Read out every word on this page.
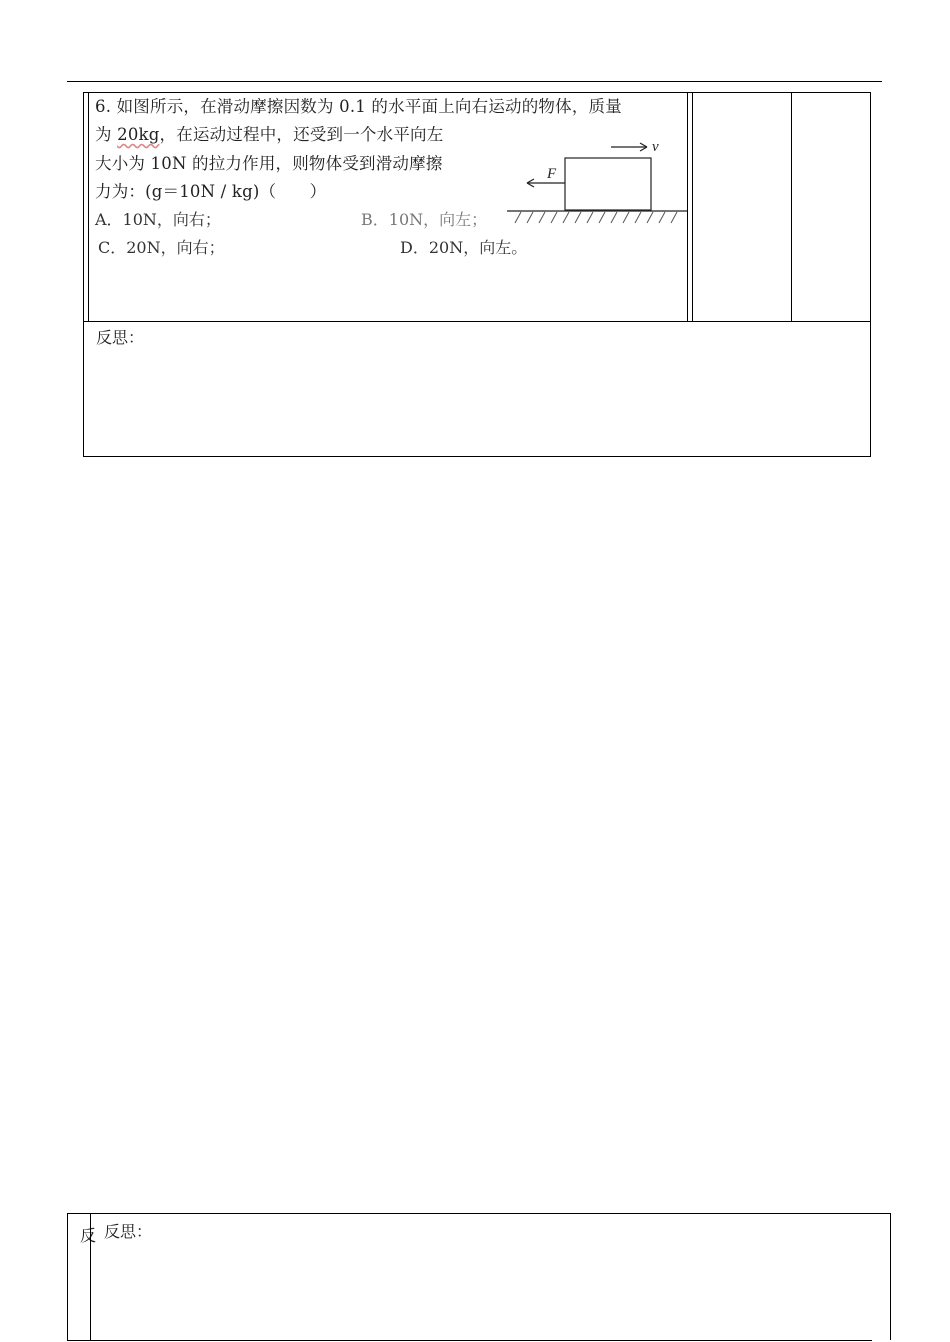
6. 如图所示，在滑动摩擦因数为 0.1 的水平面上向右运动的物体，质量
为 20kg，在运动过程中，还受到一个水平向左
大小为 10N 的拉力作用，则物体受到滑动摩擦
力为：(g＝10N / kg)（　　）
A．10N，向右；	B．10N，向左；
C．20N，向右；	D．20N，向左。
F
v
反思：
反 反思：
